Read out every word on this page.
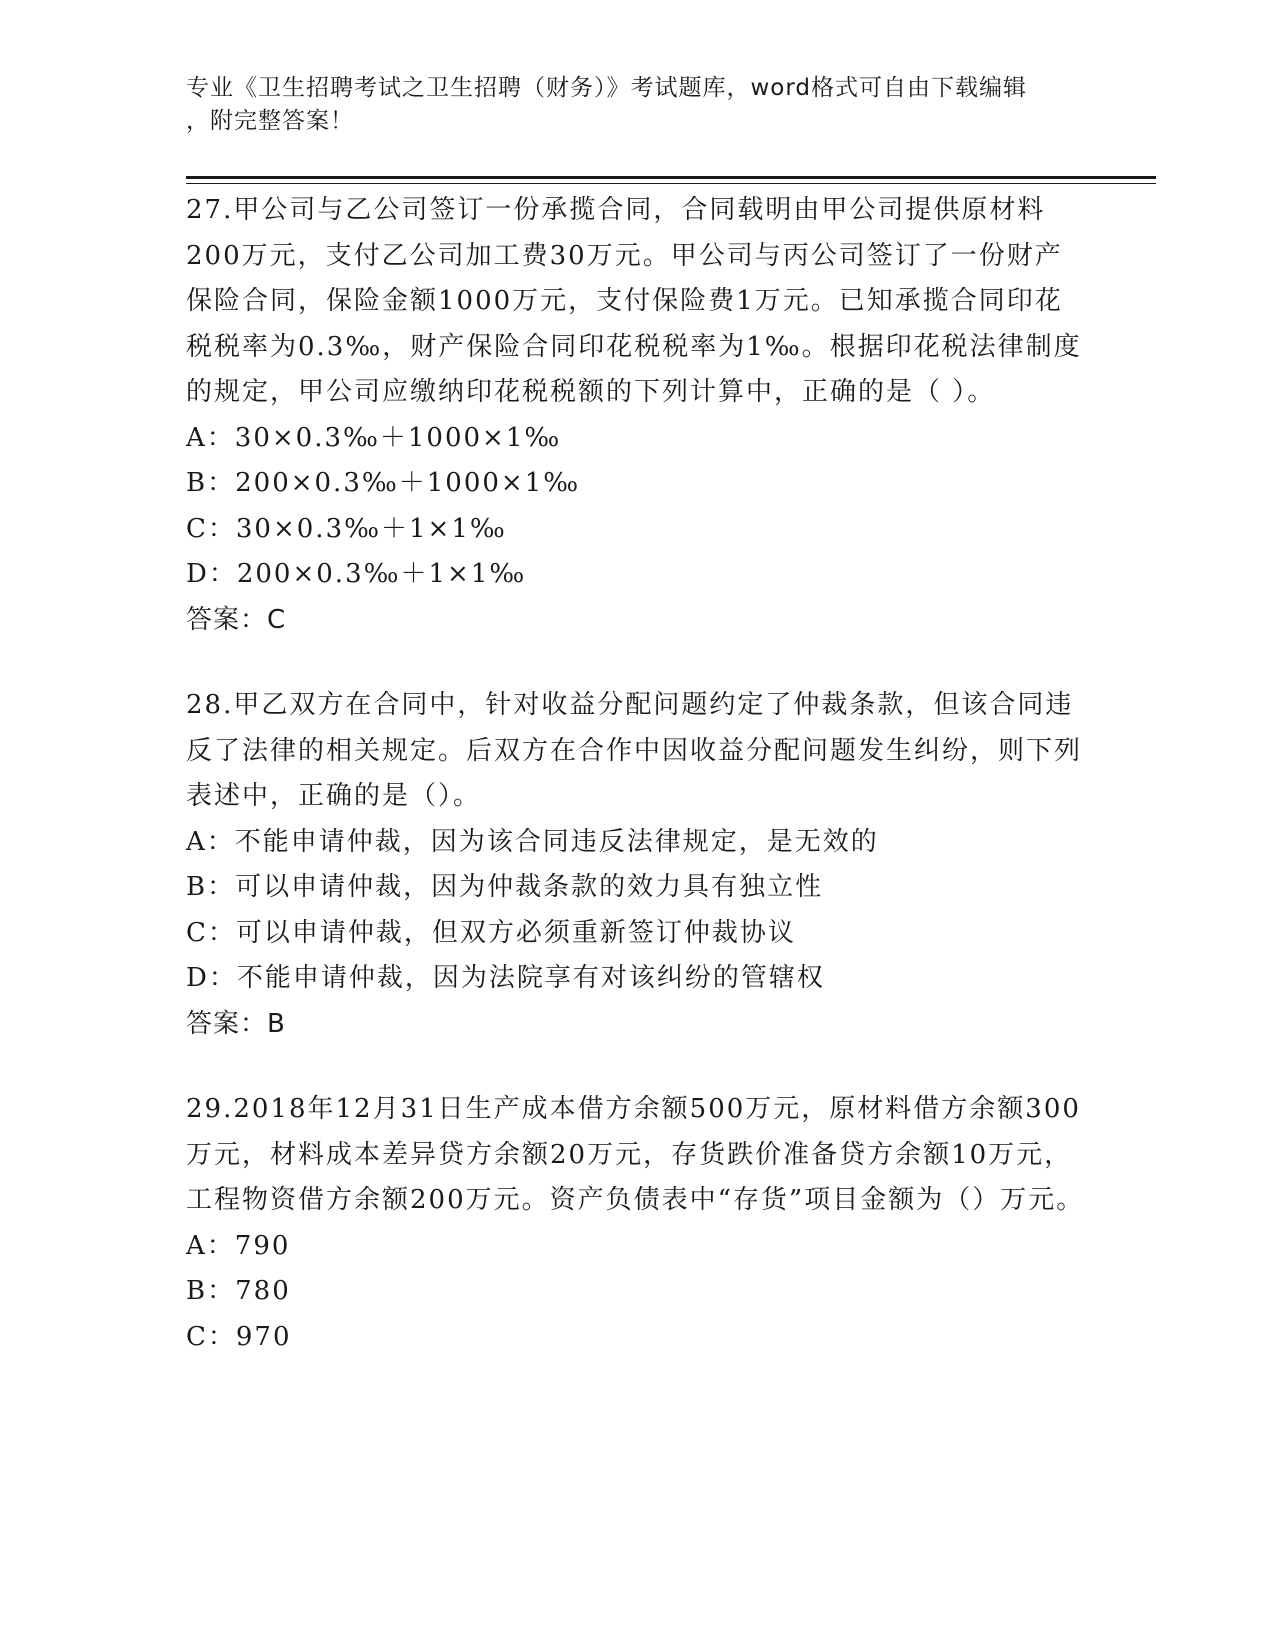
专业《卫生招聘考试之卫生招聘（财务）》考试题库，word格式可自由下载编辑
，附完整答案！

27.甲公司与乙公司签订一份承揽合同，合同载明由甲公司提供原材料200万元，支付乙公司加工费30万元。甲公司与丙公司签订了一份财产保险合同，保险金额1000万元，支付保险费1万元。已知承揽合同印花税税率为0.3‰，财产保险合同印花税税率为1‰。根据印花税法律制度的规定，甲公司应缴纳印花税税额的下列计算中，正确的是（ ）。

A：30×0.3‰＋1000×1‰

B：200×0.3‰＋1000×1‰

C：30×0.3‰＋1×1‰

D：200×0.3‰＋1×1‰

答案：C

28.甲乙双方在合同中，针对收益分配问题约定了仲裁条款，但该合同违反了法律的相关规定。后双方在合作中因收益分配问题发生纠纷，则下列表述中，正确的是（）。

A：不能申请仲裁，因为该合同违反法律规定，是无效的

B：可以申请仲裁，因为仲裁条款的效力具有独立性

C：可以申请仲裁，但双方必须重新签订仲裁协议

D：不能申请仲裁，因为法院享有对该纠纷的管辖权

答案：B

29.2018年12月31日生产成本借方余额500万元，原材料借方余额300万元，材料成本差异贷方余额20万元，存货跌价准备贷方余额10万元，工程物资借方余额200万元。资产负债表中“存货”项目金额为（）万元。

A：790

B：780

C：970
